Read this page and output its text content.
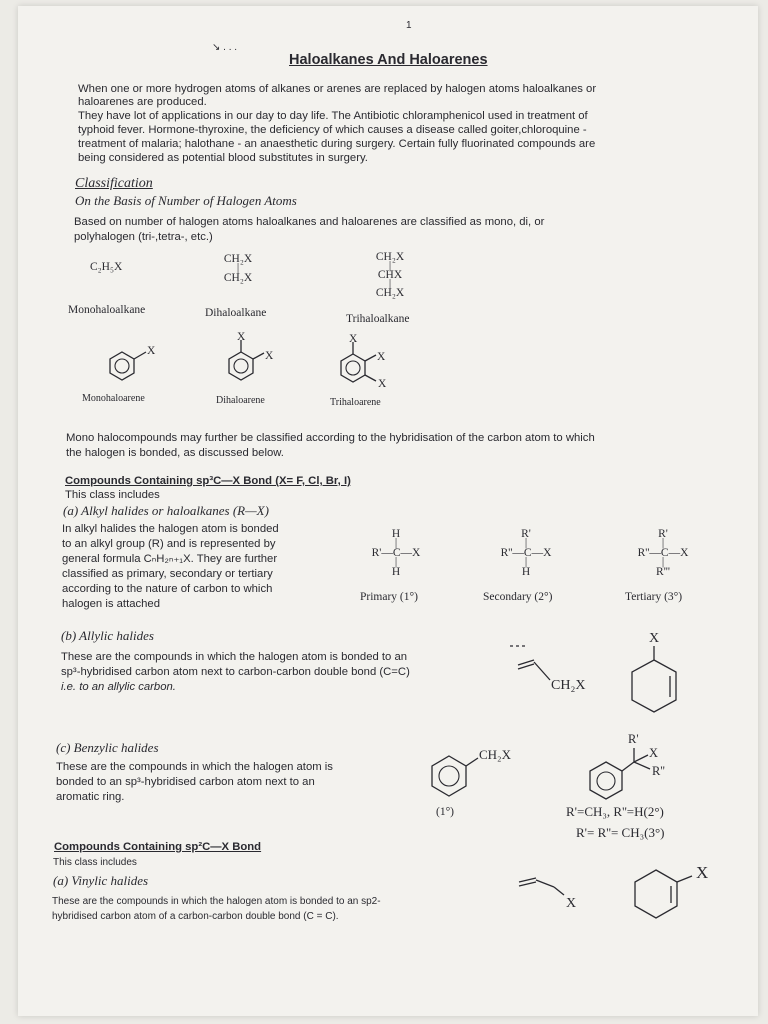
1
↘ . . .
Haloalkanes And Haloarenes
When one or more hydrogen atoms of alkanes or arenes are replaced by halogen atoms haloalkanes or
haloarenes are produced.
They have lot of applications in our day to day life. The Antibiotic chloramphenicol used in treatment of
typhoid fever. Hormone-thyroxine, the deficiency of which causes a disease called goiter,chloroquine -
treatment of malaria; halothane - an anaesthetic during surgery. Certain fully fluorinated compounds are
being considered as potential blood substitutes in surgery.
Classification
On the Basis of Number of Halogen Atoms
Based on number of halogen atoms haloalkanes and haloarenes are classified as mono, di, or
polyhalogen (tri-,tetra-, etc.)
C₂H₅X
CH₂X
|
CH₂X
CH₂X
|
CHX
|
CH₂X
Monohaloalkane	Dihaloalkane	Trihaloalkane
X
X
X
X
X
X
Monohaloarene	Dihaloarene	Trihaloarene
Mono halocompounds may further be classified according to the hybridisation of the carbon atom to which
the halogen is bonded, as discussed below.
Compounds Containing sp³C—X Bond (X= F, Cl, Br, I)
This class includes
(a) Alkyl halides or haloalkanes (R—X)
In alkyl halides the halogen atom is bonded
to an alkyl group (R) and is represented by
general formula CₙH₂ₙ₊₁X. They are further
classified as primary, secondary or tertiary
according to the nature of carbon to which
halogen is attached
H
|
R'—C—X
|
H
Primary (1°)
R'
|
R''—C—X
|
H
Secondary (2°)
R'
|
R''—C—X
|
R'''
Tertiary (3°)
(b) Allylic halides
These are the compounds in which the halogen atom is bonded to an
sp³-hybridised carbon atom next to carbon-carbon double bond (C=C)
i.e. to an allylic carbon.	CH₂X
X
(c) Benzylic halides
These are the compounds in which the halogen atom is
bonded to an sp³-hybridised carbon atom next to an
aromatic ring.
CH₂X
(1°)
R'
X
R''
R'=CH₃, R''=H(2°)
R'= R''= CH₃(3°)
Compounds Containing sp²C—X Bond
This class includes
(a) Vinylic halides
These are the compounds in which the halogen atom is bonded to an sp2-
hybridised carbon atom of a carbon-carbon double bond (C = C).
X
X
